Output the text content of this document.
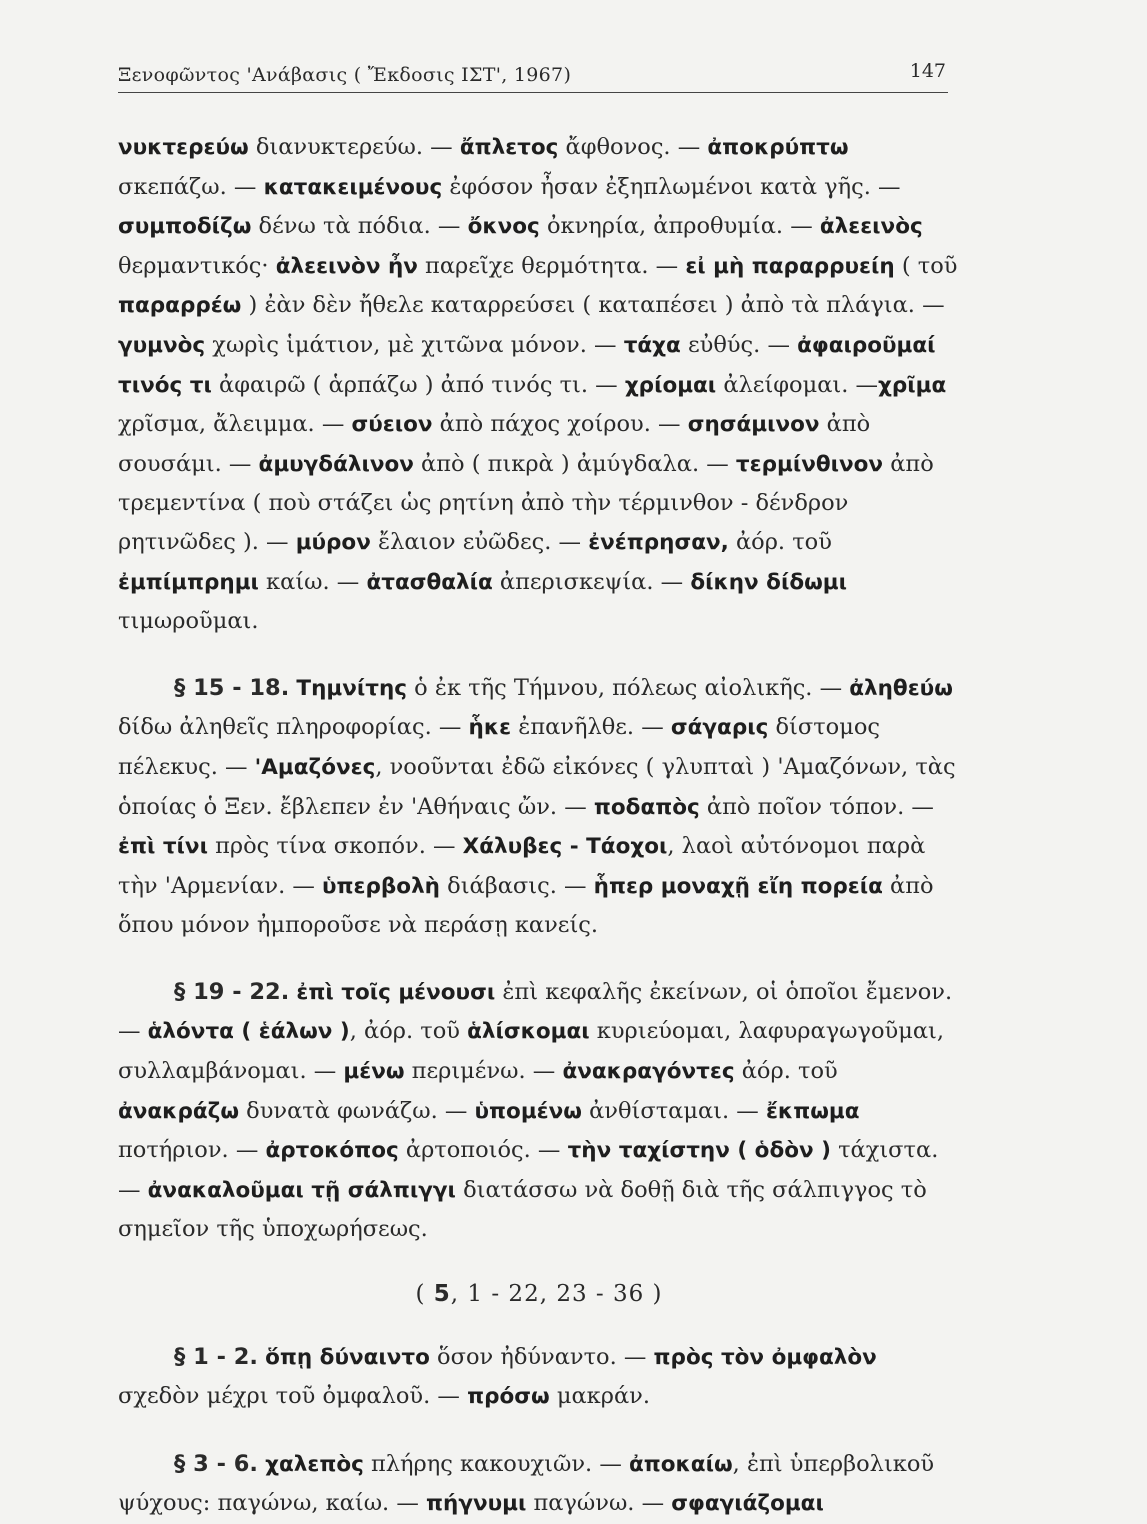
Ξενοφῶντος 'Ανάβασις ( Ἔκδοσις ΙΣΤ', 1967)	147

νυκτερεύω διανυκτερεύω. — ἄπλετος ἄφθονος. — ἀποκρύπτω σκεπάζω. — κατακειμένους ἐφόσον ἦσαν ἐξηπλωμένοι κατὰ γῆς. — συμποδίζω δένω τὰ πόδια. — ὄκνος ὀκνηρία, ἀπροθυμία. — ἀλεεινὸς θερμαντικός· ἀλεεινὸν ἦν παρεῖχε θερμότητα. — εἰ μὴ παραρρυείη ( τοῦ παραρρέω ) ἐὰν δὲν ἤθελε καταρρεύσει ( καταπέσει ) ἀπὸ τὰ πλάγια. — γυμνὸς χωρὶς ἱμάτιον, μὲ χιτῶνα μόνον. — τάχα εὐθύς. — ἀφαιροῦμαί τινός τι ἀφαιρῶ ( ἁρπάζω ) ἀπό τινός τι. — χρίομαι ἀλείφομαι. —χρῖμα χρῖσμα, ἄλειμμα. — σύειον ἀπὸ πάχος χοίρου. — σησάμινον ἀπὸ σουσάμι. — ἀμυγδάλινον ἀπὸ ( πικρὰ ) ἀμύγδαλα. — τερμίνθινον ἀπὸ τρεμεντίνα ( ποὺ στάζει ὡς ρητίνη ἀπὸ τὴν τέρμινθον - δένδρον ρητινῶδες ). — μύρον ἔλαιον εὐῶδες. — ἐνέπρησαν, ἀόρ. τοῦ ἐμπίμπρημι καίω. — ἀτασθαλία ἀπερισκεψία. — δίκην δίδωμι τιμωροῦμαι.

§ 15 - 18. Τημνίτης ὁ ἐκ τῆς Τήμνου, πόλεως αἰολικῆς. — ἀληθεύω δίδω ἀληθεῖς πληροφορίας. — ἧκε ἐπανῆλθε. — σάγαρις δίστομος πέλεκυς. — 'Αμαζόνες, νοοῦνται ἐδῶ εἰκόνες ( γλυπταὶ ) 'Αμαζόνων, τὰς ὁποίας ὁ Ξεν. ἔβλεπεν ἐν 'Αθήναις ὤν. — ποδαπὸς ἀπὸ ποῖον τόπον. — ἐπὶ τίνι πρὸς τίνα σκοπόν. — Χάλυβες - Τάοχοι, λαοὶ αὐτόνομοι παρὰ τὴν 'Αρμενίαν. — ὑπερβολὴ διάβασις. — ἧπερ μοναχῇ εἴη πορεία ἀπὸ ὅπου μόνον ἠμποροῦσε νὰ περάσῃ κανείς.

§ 19 - 22. ἐπὶ τοῖς μένουσι ἐπὶ κεφαλῆς ἐκείνων, οἱ ὁποῖοι ἔμενον. — ἁλόντα ( ἑάλων ), ἀόρ. τοῦ ἁλίσκομαι κυριεύομαι, λαφυραγωγοῦμαι, συλλαμβάνομαι. — μένω περιμένω. — ἀνακραγόντες ἀόρ. τοῦ ἀνακράζω δυνατὰ φωνάζω. — ὑπομένω ἀνθίσταμαι. — ἔκπωμα ποτήριον. — ἀρτοκόπος ἀρτοποιός. — τὴν ταχίστην ( ὁδὸν ) τάχιστα. — ἀνακαλοῦμαι τῇ σάλπιγγι διατάσσω νὰ δοθῇ διὰ τῆς σάλπιγγος τὸ σημεῖον τῆς ὑποχωρήσεως.

( 5, 1 - 22, 23 - 36 )

§ 1 - 2. ὅπῃ δύναιντο ὅσον ἠδύναντο. — πρὸς τὸν ὀμφαλὸν σχεδὸν μέχρι τοῦ ὀμφαλοῦ. — πρόσω μακράν.

§ 3 - 6. χαλεπὸς πλήρης κακουχιῶν. — ἀποκαίω, ἐπὶ ὑπερβολικοῦ ψύχους: παγώνω, καίω. — πήγνυμι παγώνω. — σφαγιάζομαι
